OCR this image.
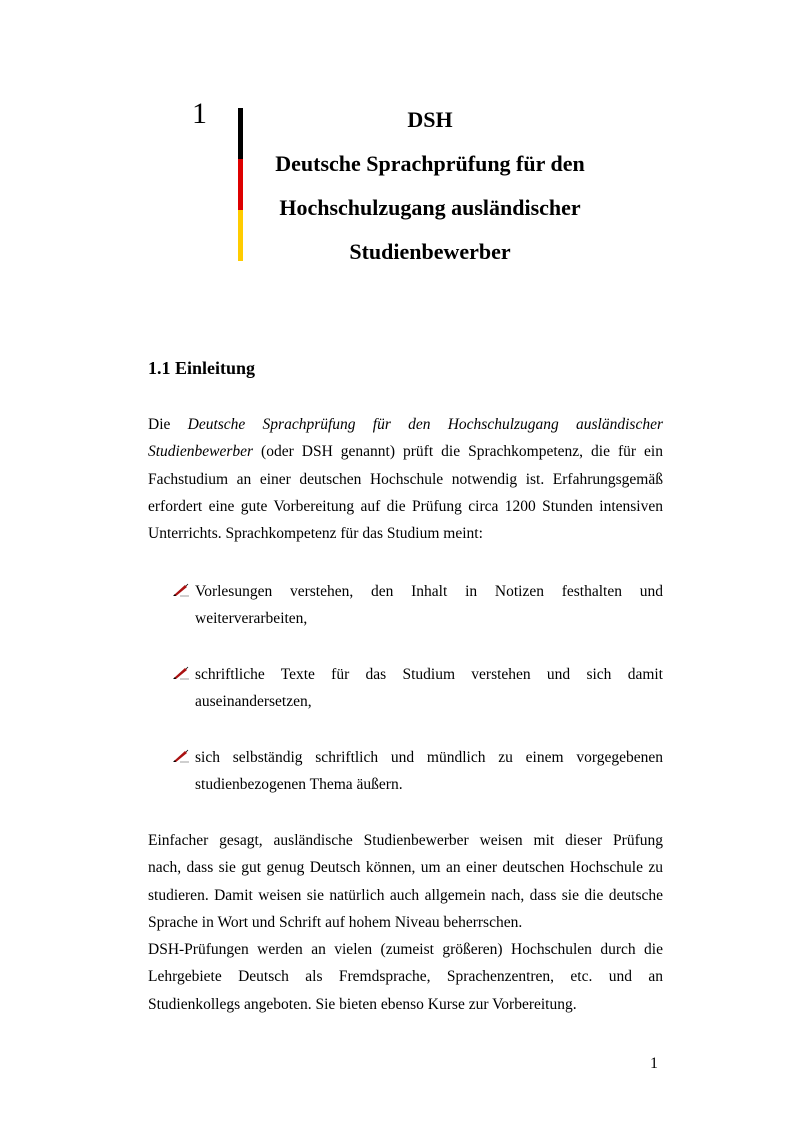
1	DSH
Deutsche Sprachprüfung für den
Hochschulzugang ausländischer
Studienbewerber
1.1 Einleitung
Die Deutsche Sprachprüfung für den Hochschulzugang ausländischer
Studienbewerber (oder DSH genannt) prüft die Sprachkompetenz, die für ein
Fachstudium an einer deutschen Hochschule notwendig ist. Erfahrungsgemäß
erfordert eine gute Vorbereitung auf die Prüfung circa 1200 Stunden intensiven
Unterrichts. Sprachkompetenz für das Studium meint:
Vorlesungen verstehen, den Inhalt in Notizen festhalten und
weiterverarbeiten,
schriftliche Texte für das Studium verstehen und sich damit
auseinandersetzen,
sich selbständig schriftlich und mündlich zu einem vorgegebenen
studienbezogenen Thema äußern.
Einfacher gesagt, ausländische Studienbewerber weisen mit dieser Prüfung
nach, dass sie gut genug Deutsch können, um an einer deutschen Hochschule zu
studieren. Damit weisen sie natürlich auch allgemein nach, dass sie die deutsche
Sprache in Wort und Schrift auf hohem Niveau beherrschen.
DSH-Prüfungen werden an vielen (zumeist größeren) Hochschulen durch die
Lehrgebiete Deutsch als Fremdsprache, Sprachenzentren, etc. und an
Studienkollegs angeboten. Sie bieten ebenso Kurse zur Vorbereitung.
1
